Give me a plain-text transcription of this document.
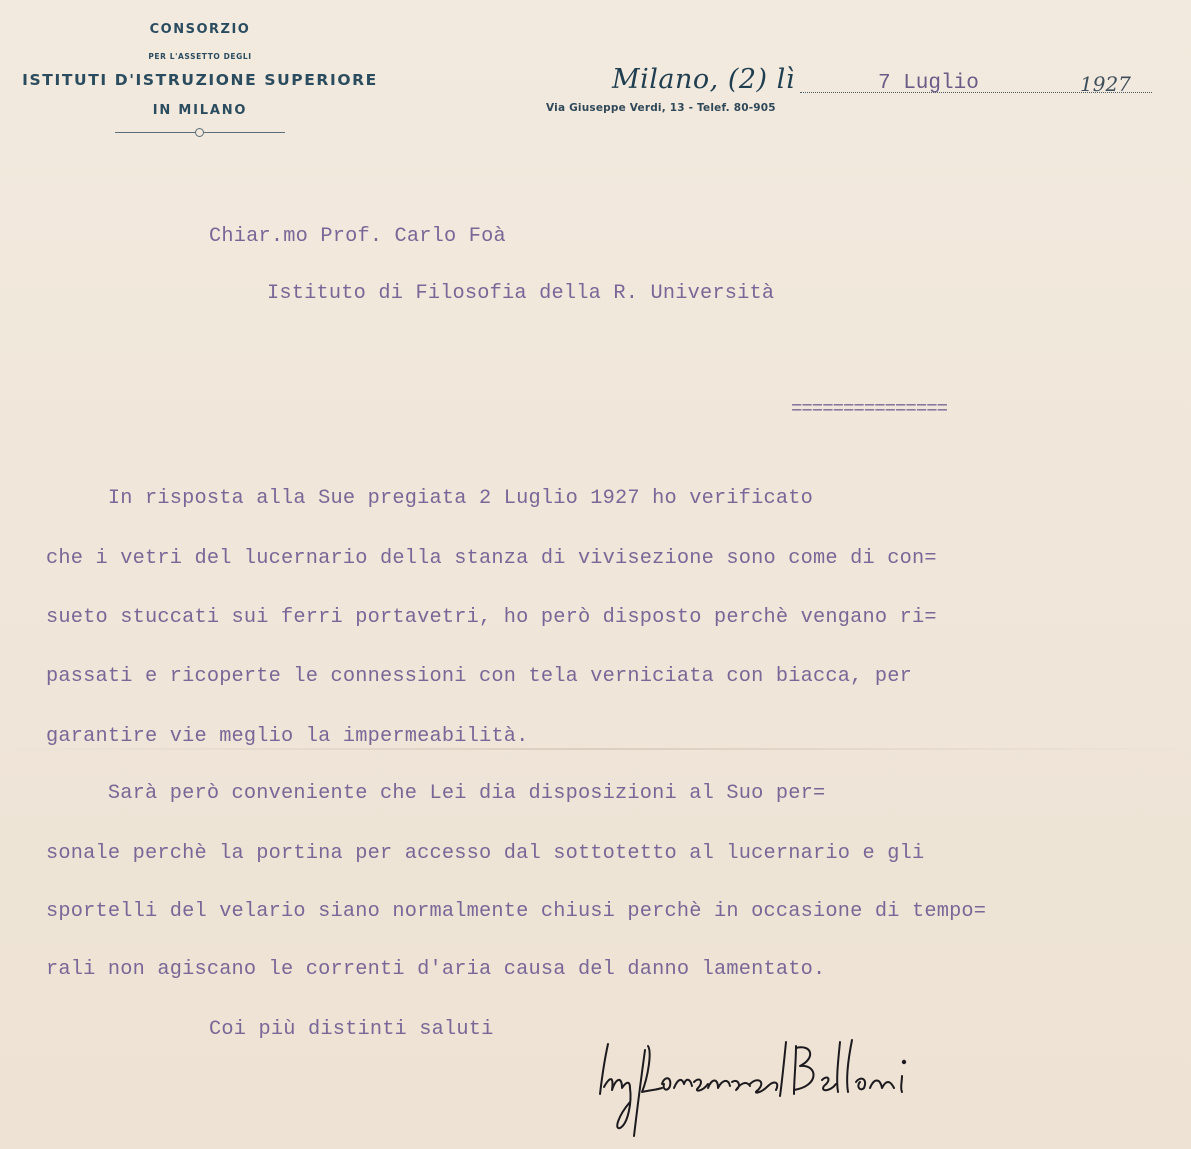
CONSORZIO
PER L'ASSETTO DEGLI
ISTITUTI D'ISTRUZIONE SUPERIORE
IN MILANO
Milano, (2) lì	7 Luglio	1927
Via Giuseppe Verdi, 13 - Telef. 80-905
Chiar.mo Prof. Carlo Foà
Istituto di Filosofia della R. Università
===============
In risposta alla Sue pregiata 2 Luglio 1927 ho verificato
che i vetri del lucernario della stanza di vivisezione sono come di con=
sueto stuccati sui ferri portavetri, ho però disposto perchè vengano ri=
passati e ricoperte le connessioni con tela verniciata con biacca, per
garantire vie meglio la impermeabilità.
Sarà però conveniente che Lei dia disposizioni al Suo per=
sonale perchè la portina per accesso dal sottotetto al lucernario e gli
sportelli del velario siano normalmente chiusi perchè in occasione di tempo=
rali non agiscano le correnti d'aria causa del danno lamentato.
Coi più distinti saluti
